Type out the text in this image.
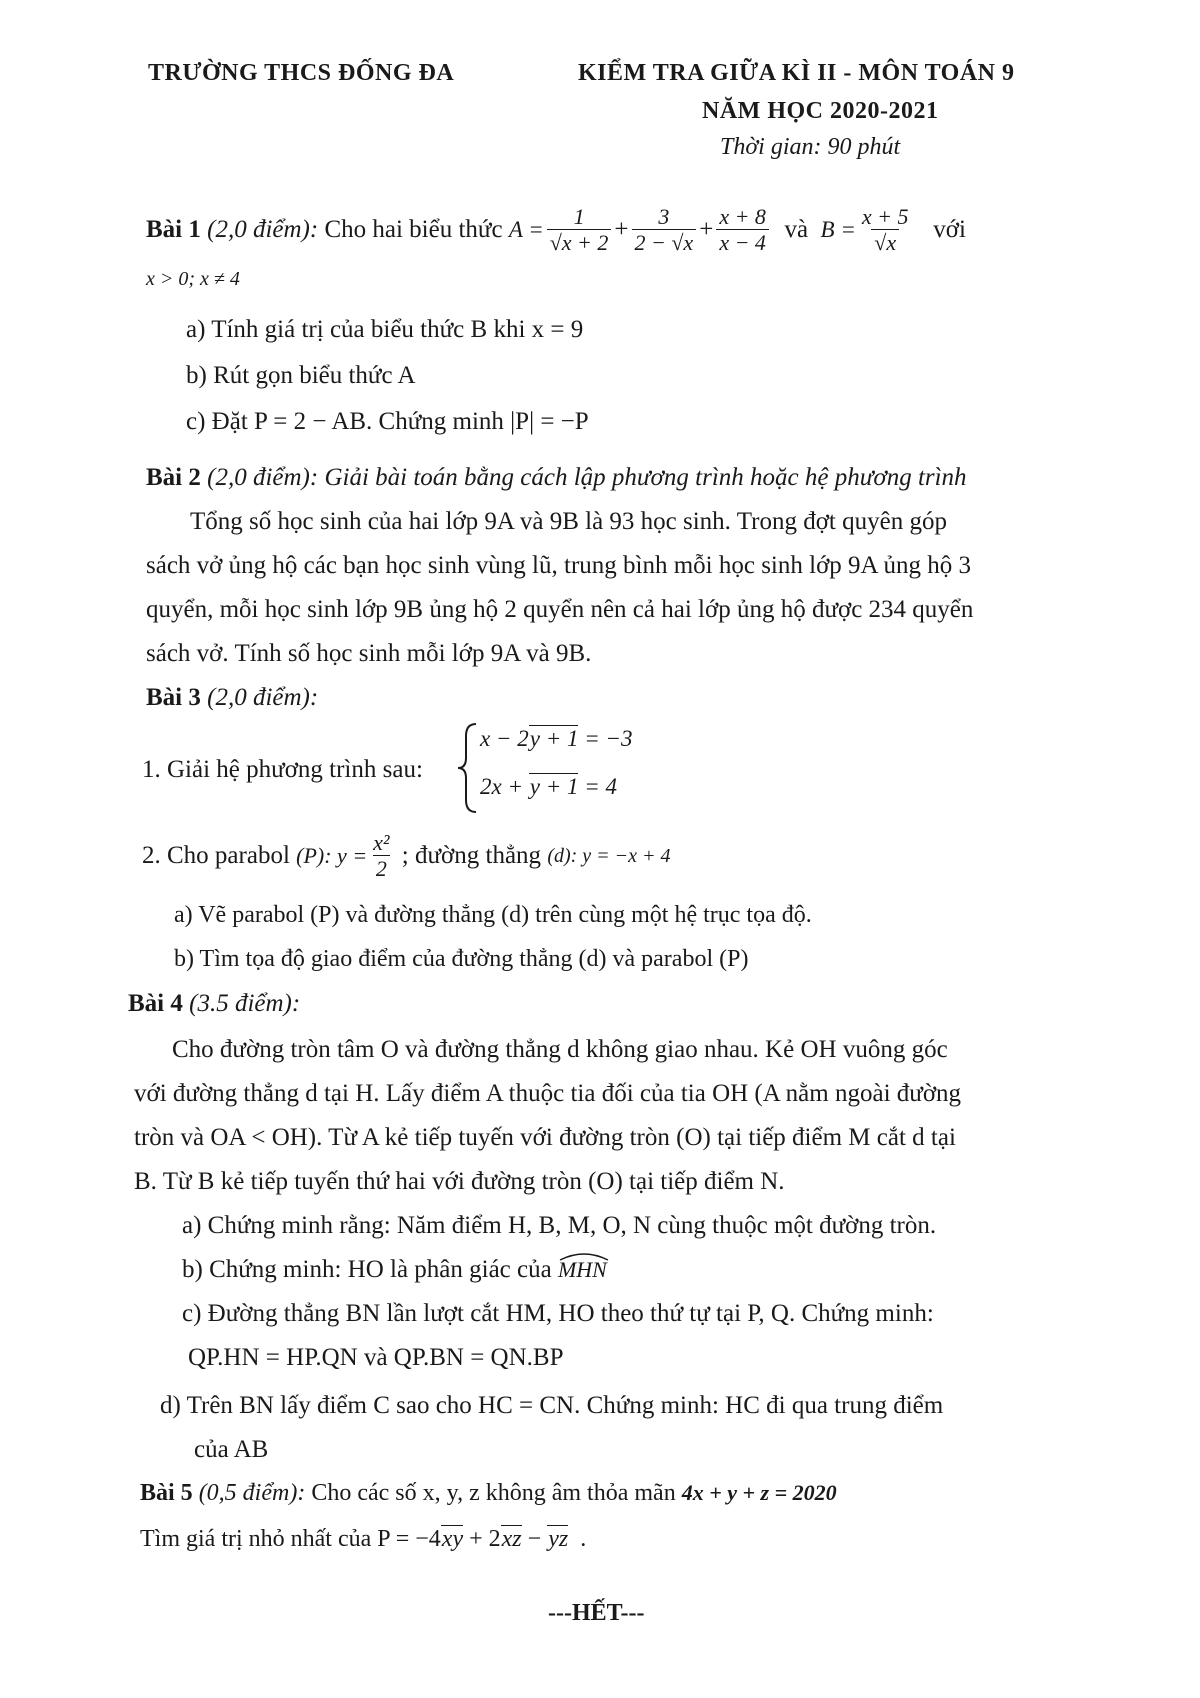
TRƯỜNG THCS ĐỐNG ĐA	KIỂM TRA GIỮA KÌ II - MÔN TOÁN 9
NĂM HỌC 2020-2021
Thời gian: 90 phút
Bài 1
(2,0 điểm):
Cho hai biểu thức
$A = \frac{1}{√x + 2} + \frac{3}{2 - √x} + \frac{x + 8}{x - 4}$
và
$B = \frac{x + 5}{√x}$
với
x > 0; x ≠ 4
a) Tính giá trị của biểu thức B khi x = 9
b) Rút gọn biểu thức A
c) Đặt P = 2 − AB. Chứng minh |P| = −P
Bài 2 (2,0 điểm): Giải bài toán bằng cách lập phương trình hoặc hệ phương trình
Tổng số học sinh của hai lớp 9A và 9B là 93 học sinh. Trong đợt quyên góp
sách vở ủng hộ các bạn học sinh vùng lũ, trung bình mỗi học sinh lớp 9A ủng hộ 3
quyển, mỗi học sinh lớp 9B ủng hộ 2 quyển nên cả hai lớp ủng hộ được 234 quyển
sách vở. Tính số học sinh mỗi lớp 9A và 9B.
Bài 3 (2,0 điểm):
1. Giải hệ phương trình sau:
x − 2y + 1 = −3
2x + y + 1 = 4
2. Cho parabol
(P): $y = \frac{\text{x²}}{2}$
; đường thẳng
(d): y = −x + 4
a) Vẽ parabol (P) và đường thẳng (d) trên cùng một hệ trục tọa độ.
b) Tìm tọa độ giao điểm của đường thẳng (d) và parabol (P)
Bài 4 (3.5 điểm):
Cho đường tròn tâm O và đường thẳng d không giao nhau. Kẻ OH vuông góc
với đường thẳng d tại H. Lấy điểm A thuộc tia đối của tia OH (A nằm ngoài đường
tròn và OA < OH). Từ A kẻ tiếp tuyến với đường tròn (O) tại tiếp điểm M cắt d tại
B. Từ B kẻ tiếp tuyến thứ hai với đường tròn (O) tại tiếp điểm N.
a) Chứng minh rằng: Năm điểm H, B, M, O, N cùng thuộc một đường tròn.
b) Chứng minh: HO là phân giác của MHN
c) Đường thẳng BN lần lượt cắt HM, HO theo thứ tự tại P, Q. Chứng minh:
QP.HN = HP.QN và QP.BN = QN.BP
d) Trên BN lấy điểm C sao cho HC = CN. Chứng minh: HC đi qua trung điểm
của AB
Bài 5 (0,5 điểm): Cho các số x, y, z không âm thỏa mãn 4x + y + z = 2020
Tìm giá trị nhỏ nhất của P = −4xy + 2xz − yz .
---HẾT---
